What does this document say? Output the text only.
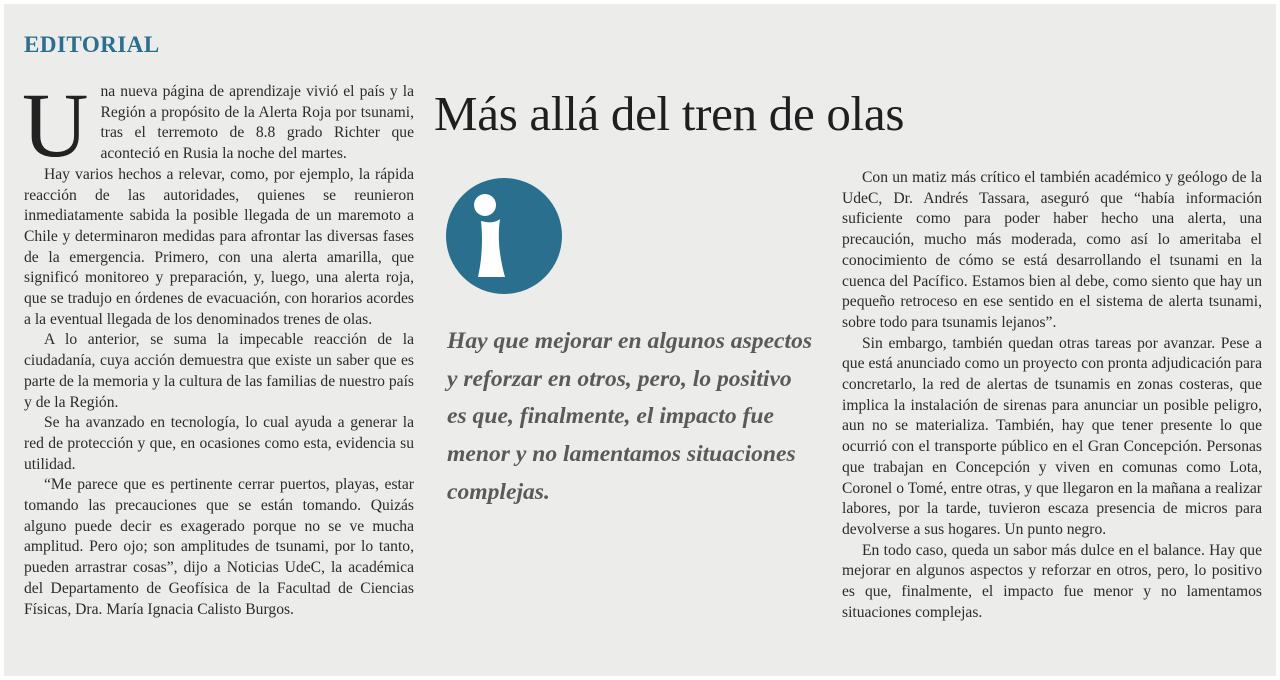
EDITORIAL

Una nueva página de aprendizaje vivió el país y la Región a propósito de la Alerta Roja por tsunami, tras el terremoto de 8.8 grado Richter que aconteció en Rusia la noche del martes.

Hay varios hechos a relevar, como, por ejemplo, la rápida reacción de las autoridades, quienes se reunieron inmediatamente sabida la posible llegada de un maremoto a Chile y determinaron medidas para afrontar las diversas fases de la emergencia. Primero, con una alerta amarilla, que significó monitoreo y preparación, y, luego, una alerta roja, que se tradujo en órdenes de evacuación, con horarios acordes a la eventual llegada de los denominados trenes de olas.

A lo anterior, se suma la impecable reacción de la ciudadanía, cuya acción demuestra que existe un saber que es parte de la memoria y la cultura de las familias de nuestro país y de la Región.

Se ha avanzado en tecnología, lo cual ayuda a generar la red de protección y que, en ocasiones como esta, evidencia su utilidad.

“Me parece que es pertinente cerrar puertos, playas, estar tomando las precauciones que se están tomando. Quizás alguno puede decir es exagerado porque no se ve mucha amplitud. Pero ojo; son amplitudes de tsunami, por lo tanto, pueden arrastrar cosas”, dijo a Noticias UdeC, la académica del Departamento de Geofísica de la Facultad de Ciencias Físicas, Dra. María Ignacia Calisto Burgos.

Más allá del tren de olas

Hay que mejorar en algunos aspectos y reforzar en otros, pero, lo positivo es que, finalmente, el impacto fue menor y no lamentamos situaciones complejas.

Con un matiz más crítico el también académico y geólogo de la UdeC, Dr. Andrés Tassara, aseguró que “había información suficiente como para poder haber hecho una alerta, una precaución, mucho más moderada, como así lo ameritaba el conocimiento de cómo se está desarrollando el tsunami en la cuenca del Pacífico. Estamos bien al debe, como siento que hay un pequeño retroceso en ese sentido en el sistema de alerta tsunami, sobre todo para tsunamis lejanos”.

Sin embargo, también quedan otras tareas por avanzar. Pese a que está anunciado como un proyecto con pronta adjudicación para concretarlo, la red de alertas de tsunamis en zonas costeras, que implica la instalación de sirenas para anunciar un posible peligro, aun no se materializa. También, hay que tener presente lo que ocurrió con el transporte público en el Gran Concepción. Personas que trabajan en Concepción y viven en comunas como Lota, Coronel o Tomé, entre otras, y que llegaron en la mañana a realizar labores, por la tarde, tuvieron escaza presencia de micros para devolverse a sus hogares. Un punto negro.

En todo caso, queda un sabor más dulce en el balance. Hay que mejorar en algunos aspectos y reforzar en otros, pero, lo positivo es que, finalmente, el impacto fue menor y no lamentamos situaciones complejas.
